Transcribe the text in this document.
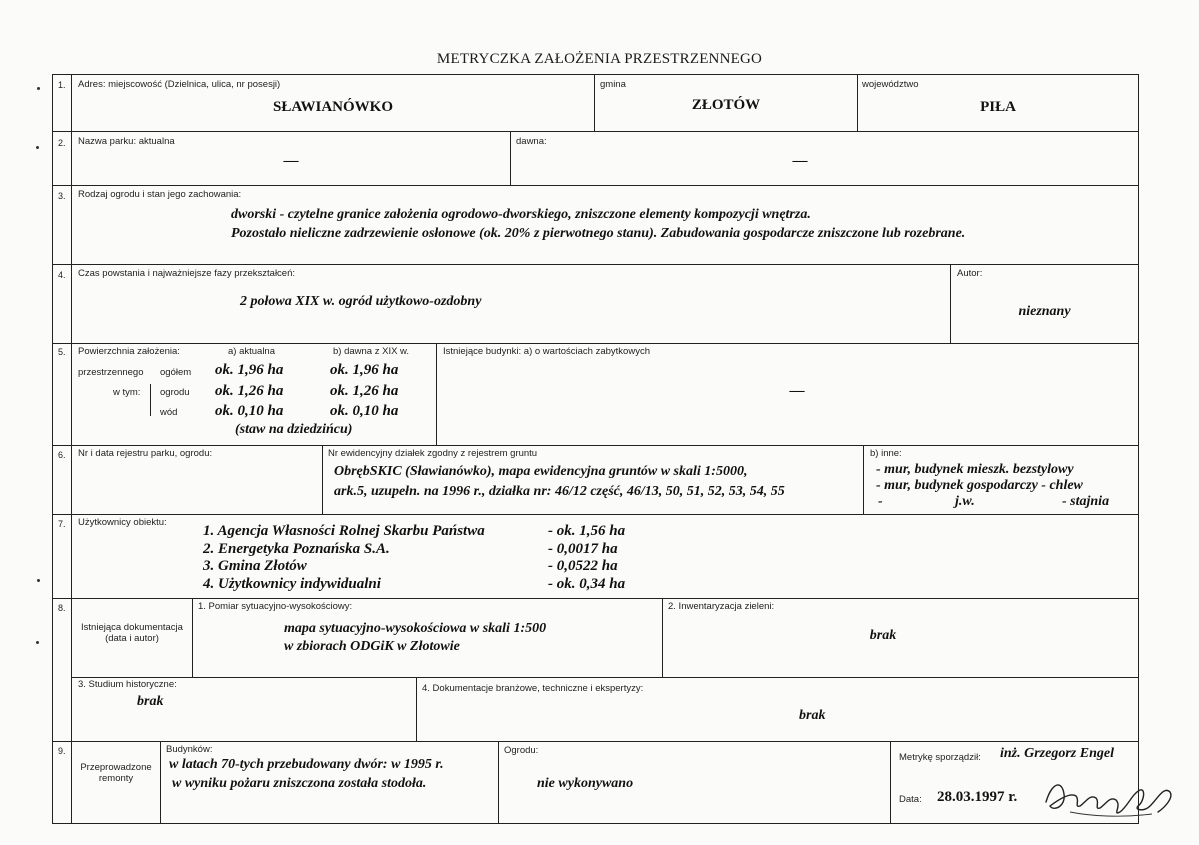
METRYCZKA ZAŁOŻENIA PRZESTRZENNEGO
1. Adres: miejscowość (Dzielnica, ulica, nr posesji)
SŁAWIANÓWKO
gmina
ZŁOTÓW
województwo
PIŁA
2. Nazwa parku: aktualna
—
dawna:
—
3. Rodzaj ogrodu i stan jego zachowania:
dworski - czytelne granice założenia ogrodowo-dworskiego, zniszczone elementy kompozycji wnętrza.
Pozostało nieliczne zadrzewienie osłonowe (ok. 20% z pierwotnego stanu). Zabudowania gospodarcze zniszczone lub rozebrane.
4. Czas powstania i najważniejsze fazy przekształceń:
2 połowa XIX w. ogród użytkowo-ozdobny
Autor:
nieznany
5. Powierzchnia założenia:	a) aktualna	b) dawna z XIX w.
przestrzennego
w tym:
ogółem ok. 1,96 ha	ok. 1,96 ha
ogrodu ok. 1,26 ha	ok. 1,26 ha
wód	ok. 0,10 ha	ok. 0,10 ha
(staw na dziedzińcu)
Istniejące budynki: a) o wartościach zabytkowych
—
6. Nr i data rejestru parku, ogrodu:	Nr ewidencyjny działek zgodny z rejestrem gruntu
ObrębSKIC (Sławianówko), mapa ewidencyjna gruntów w skali 1:5000,
ark.5, uzupełn. na 1996 r., działka nr: 46/12 część, 46/13, 50, 51, 52, 53, 54, 55
b) inne:
- mur, budynek mieszk. bezstylowy
- mur, budynek gospodarczy - chlew
-	j.w.	- stajnia
7. Użytkownicy obiektu:
1. Agencja Własności Rolnej Skarbu Państwa	- ok. 1,56 ha
2. Energetyka Poznańska S.A.	- 0,0017 ha
3. Gmina Złotów	- 0,0522 ha
4. Użytkownicy indywidualni	- ok. 0,34 ha
8.
Istniejąca dokumentacja
(data i autor)
1. Pomiar sytuacyjno-wysokościowy:
mapa sytuacyjno-wysokościowa w skali 1:500
w zbiorach ODGiK w Złotowie
2. Inwentaryzacja zieleni:
brak
3. Studium historyczne:
brak
4. Dokumentacje branżowe, techniczne i ekspertyzy:
brak
9.
Przeprowadzone
remonty
Budynków:
w latach 70-tych przebudowany dwór: w 1995 r.
w wyniku pożaru zniszczona została stodoła.
Ogrodu:
nie wykonywano
Metrykę sporządził: inż. Grzegorz Engel
Data: 28.03.1997 r.
